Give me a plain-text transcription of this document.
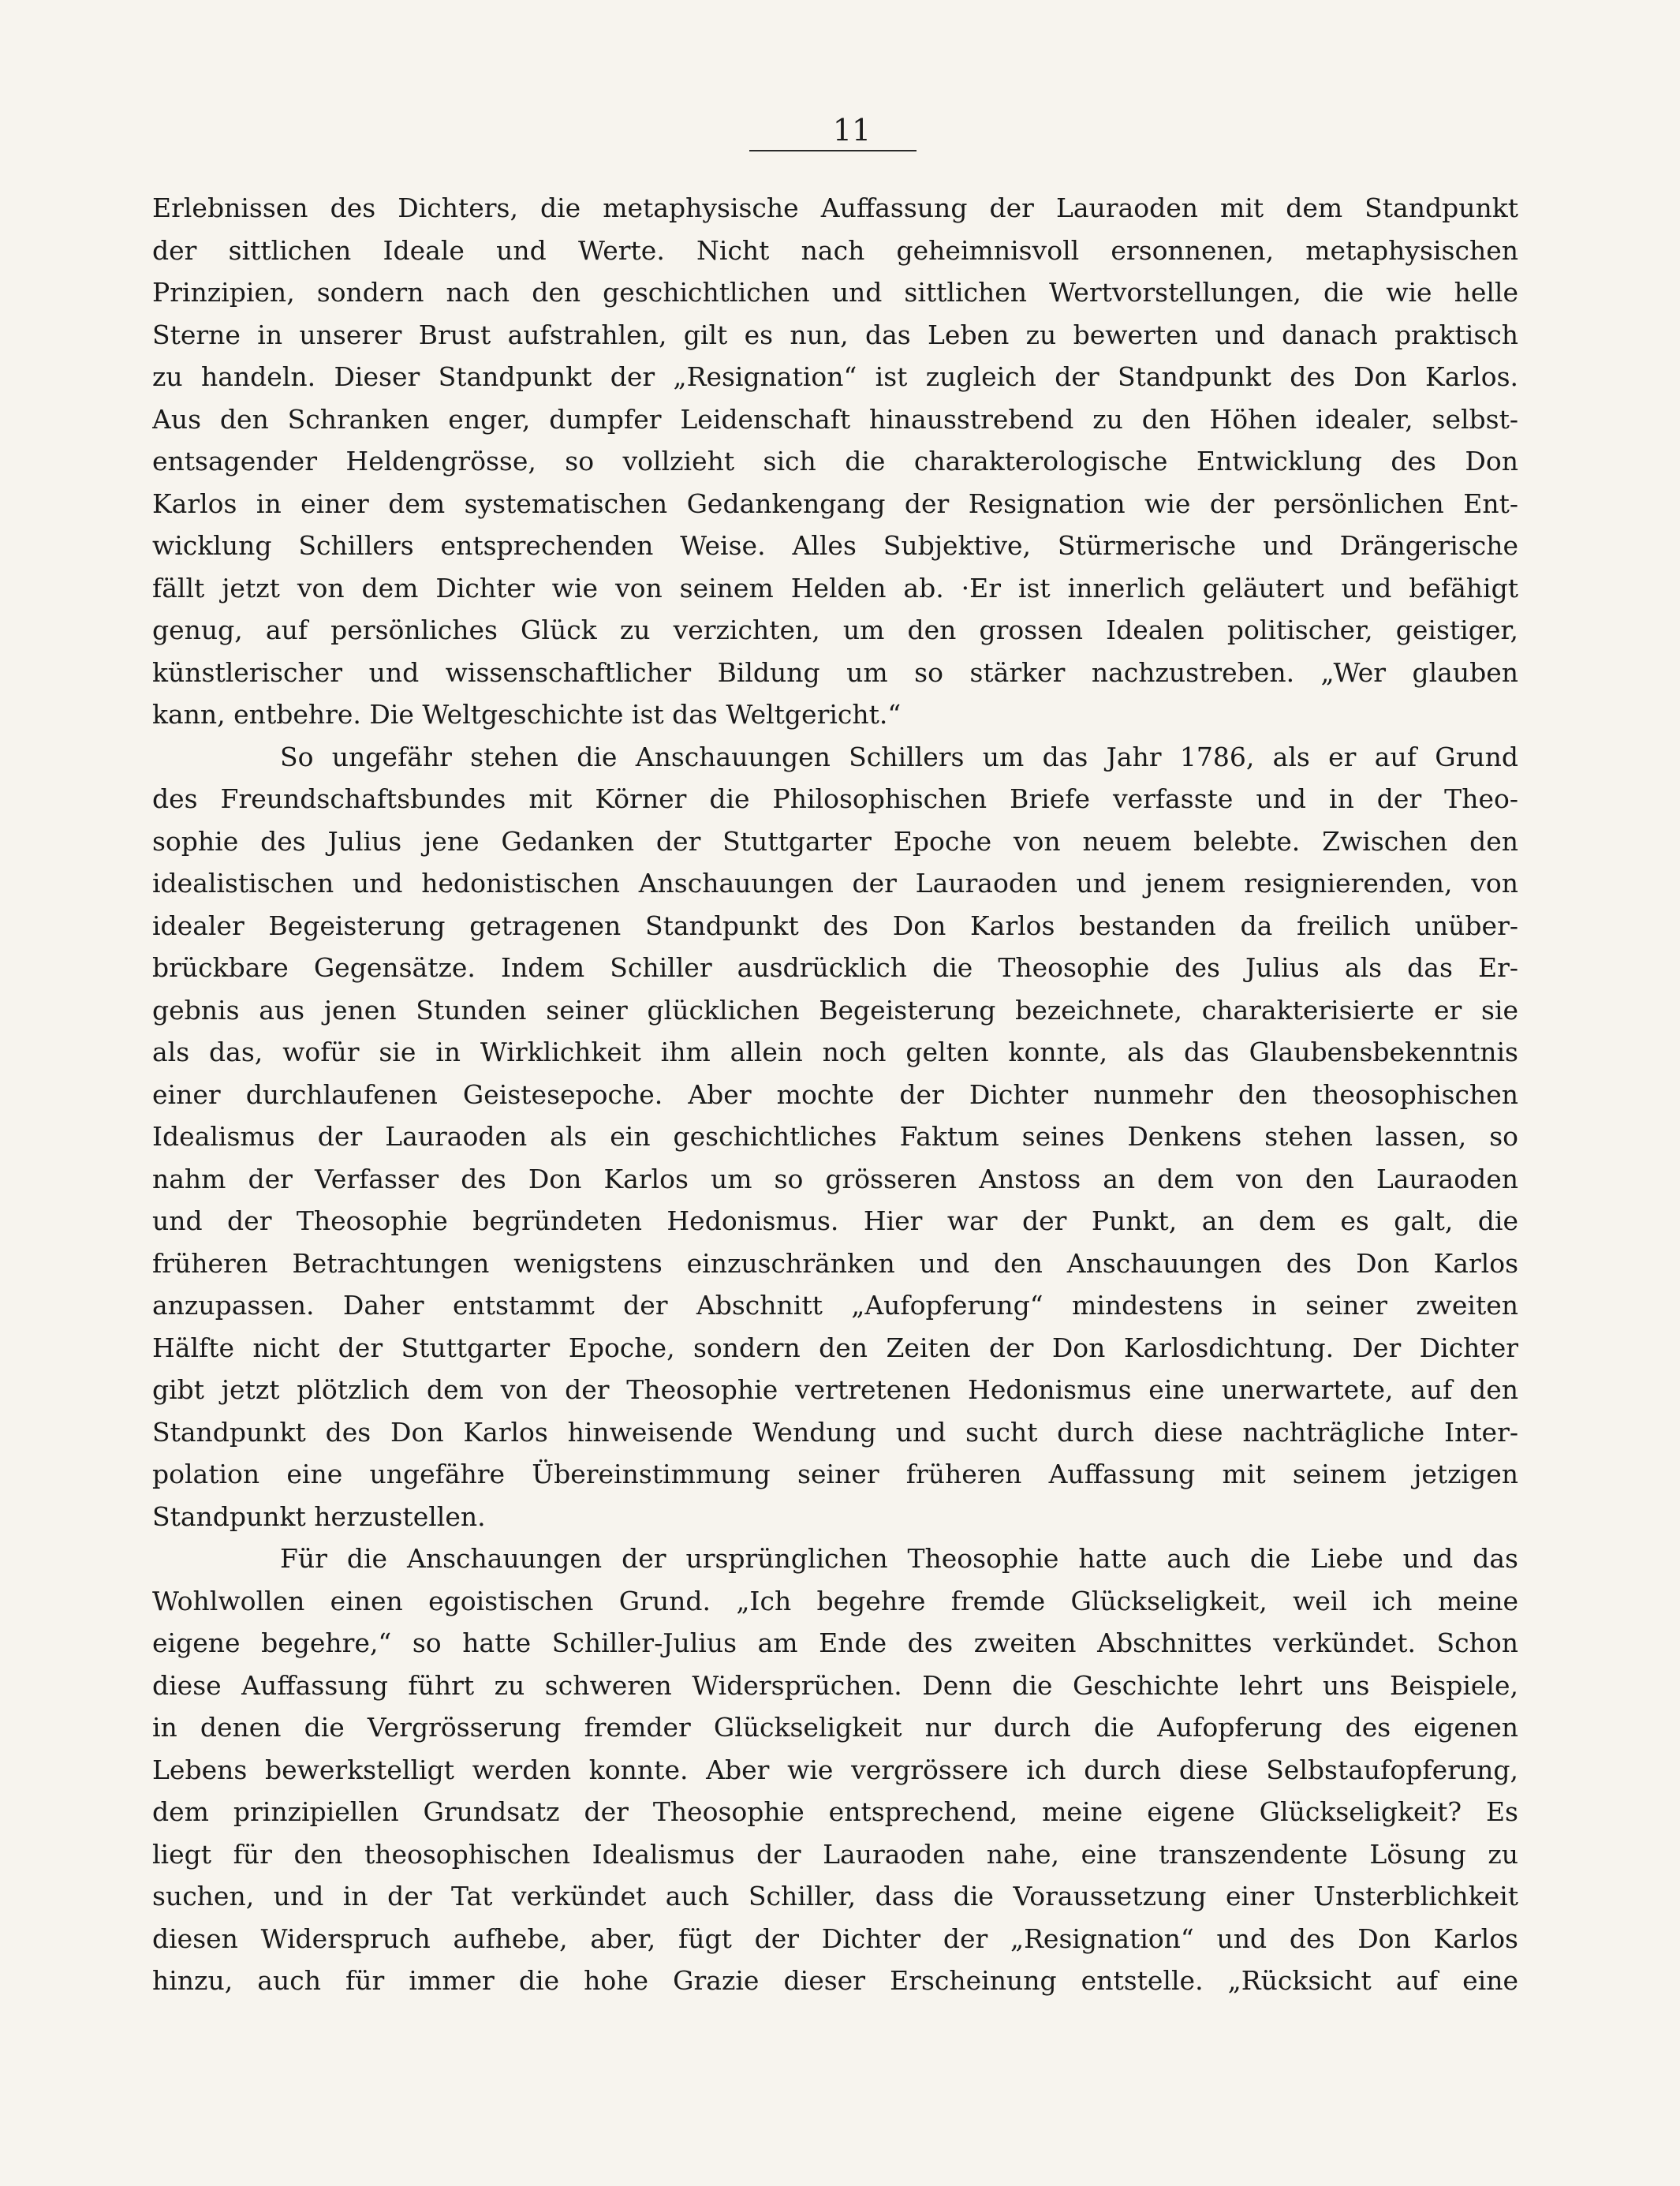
11
Erlebnissen des Dichters, die metaphysische Auffassung der Lauraoden mit dem Standpunkt
der sittlichen Ideale und Werte. Nicht nach geheimnisvoll ersonnenen, metaphysischen
Prinzipien, sondern nach den geschichtlichen und sittlichen Wertvorstellungen, die wie helle
Sterne in unserer Brust aufstrahlen, gilt es nun, das Leben zu bewerten und danach praktisch
zu handeln. Dieser Standpunkt der „Resignation“ ist zugleich der Standpunkt des Don Karlos.
Aus den Schranken enger, dumpfer Leidenschaft hinausstrebend zu den Höhen idealer, selbst-
entsagender Heldengrösse, so vollzieht sich die charakterologische Entwicklung des Don
Karlos in einer dem systematischen Gedankengang der Resignation wie der persönlichen Ent-
wicklung Schillers entsprechenden Weise. Alles Subjektive, Stürmerische und Drängerische
fällt jetzt von dem Dichter wie von seinem Helden ab. ·Er ist innerlich geläutert und befähigt
genug, auf persönliches Glück zu verzichten, um den grossen Idealen politischer, geistiger,
künstlerischer und wissenschaftlicher Bildung um so stärker nachzustreben. „Wer glauben
kann, entbehre. Die Weltgeschichte ist das Weltgericht.“
So ungefähr stehen die Anschauungen Schillers um das Jahr 1786, als er auf Grund
des Freundschaftsbundes mit Körner die Philosophischen Briefe verfasste und in der Theo-
sophie des Julius jene Gedanken der Stuttgarter Epoche von neuem belebte. Zwischen den
idealistischen und hedonistischen Anschauungen der Lauraoden und jenem resignierenden, von
idealer Begeisterung getragenen Standpunkt des Don Karlos bestanden da freilich unüber-
brückbare Gegensätze. Indem Schiller ausdrücklich die Theosophie des Julius als das Er-
gebnis aus jenen Stunden seiner glücklichen Begeisterung bezeichnete, charakterisierte er sie
als das, wofür sie in Wirklichkeit ihm allein noch gelten konnte, als das Glaubensbekenntnis
einer durchlaufenen Geistesepoche. Aber mochte der Dichter nunmehr den theosophischen
Idealismus der Lauraoden als ein geschichtliches Faktum seines Denkens stehen lassen, so
nahm der Verfasser des Don Karlos um so grösseren Anstoss an dem von den Lauraoden
und der Theosophie begründeten Hedonismus. Hier war der Punkt, an dem es galt, die
früheren Betrachtungen wenigstens einzuschränken und den Anschauungen des Don Karlos
anzupassen. Daher entstammt der Abschnitt „Aufopferung“ mindestens in seiner zweiten
Hälfte nicht der Stuttgarter Epoche, sondern den Zeiten der Don Karlosdichtung. Der Dichter
gibt jetzt plötzlich dem von der Theosophie vertretenen Hedonismus eine unerwartete, auf den
Standpunkt des Don Karlos hinweisende Wendung und sucht durch diese nachträgliche Inter-
polation eine ungefähre Übereinstimmung seiner früheren Auffassung mit seinem jetzigen
Standpunkt herzustellen.
Für die Anschauungen der ursprünglichen Theosophie hatte auch die Liebe und das
Wohlwollen einen egoistischen Grund. „Ich begehre fremde Glückseligkeit, weil ich meine
eigene begehre,“ so hatte Schiller-Julius am Ende des zweiten Abschnittes verkündet. Schon
diese Auffassung führt zu schweren Widersprüchen. Denn die Geschichte lehrt uns Beispiele,
in denen die Vergrösserung fremder Glückseligkeit nur durch die Aufopferung des eigenen
Lebens bewerkstelligt werden konnte. Aber wie vergrössere ich durch diese Selbstaufopferung,
dem prinzipiellen Grundsatz der Theosophie entsprechend, meine eigene Glückseligkeit? Es
liegt für den theosophischen Idealismus der Lauraoden nahe, eine transzendente Lösung zu
suchen, und in der Tat verkündet auch Schiller, dass die Voraussetzung einer Unsterblichkeit
diesen Widerspruch aufhebe, aber, fügt der Dichter der „Resignation“ und des Don Karlos
hinzu, auch für immer die hohe Grazie dieser Erscheinung entstelle. „Rücksicht auf eine
